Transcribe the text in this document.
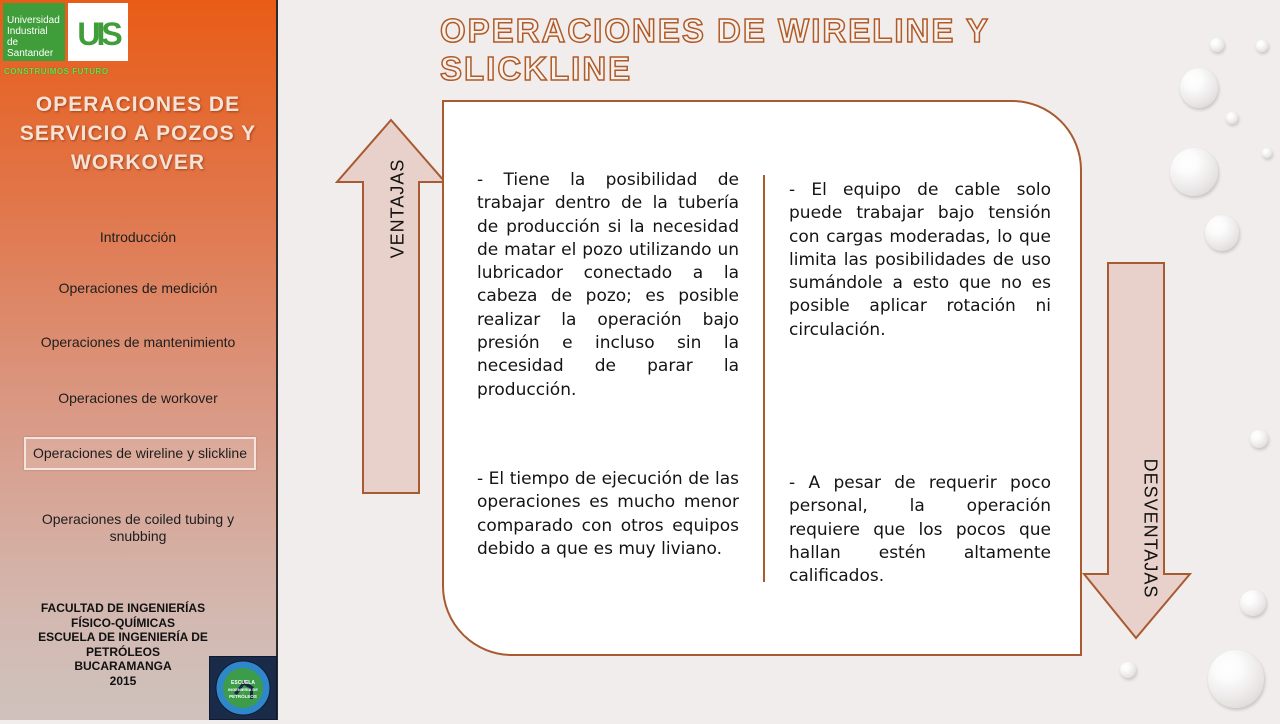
Universidad
Industrial de
Santander
UIS
CONSTRUIMOS FUTURO
OPERACIONES DE
SERVICIO A POZOS Y
WORKOVER
Introducción
Operaciones de medición
Operaciones de mantenimiento
Operaciones de workover
Operaciones de wireline y slickline
Operaciones de coiled tubing y snubbing
FACULTAD DE INGENIERÍAS
FÍSICO-QUÍMICAS
ESCUELA DE INGENIERÍA DE
PETRÓLEOS
BUCARAMANGA
2015	ESCUELA
INGENIERÍA DE
PETRÓLEOS
OPERACIONES DE WIRELINE Y SLICKLINE
VENTAJAS
DESVENTAJAS
- Tiene la posibilidad de trabajar dentro de la tubería de producción si la necesidad de matar el pozo utilizando un lubricador conectado a la cabeza de pozo; es posible realizar la operación bajo presión e incluso sin la necesidad de parar la producción.
- El tiempo de ejecución de las operaciones es mucho menor comparado con otros equipos debido a que es muy liviano.
- El equipo de cable solo puede trabajar bajo tensión con cargas moderadas, lo que limita las posibilidades de uso sumándole a esto que no es posible aplicar rotación ni circulación.
- A pesar de requerir poco personal, la operación requiere que los pocos que hallan estén altamente calificados.
